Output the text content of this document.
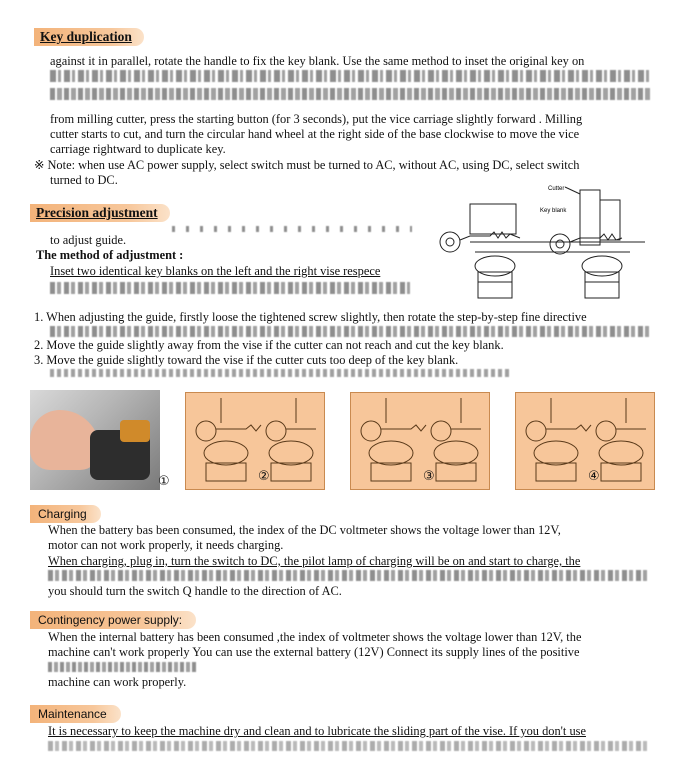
Key duplication
against it in parallel, rotate the handle to fix the key blank. Use the same method to inset the original key on
from milling cutter, press the starting button (for 3 seconds), put the vice carriage slightly forward . Milling
cutter starts to cut, and turn the circular hand wheel at the right side of the base clockwise to move the vice
carriage rightward to duplicate key.
※ Note: when use AC power supply, select switch must be turned to AC, without AC, using DC, select switch
turned to DC.
Precision adjustment
to adjust guide.
The method of adjustment :
Inset two identical key blanks on the left and the right vise respece
Cutter
Key blank
1. When adjusting the guide, firstly loose the tightened screw slightly, then rotate the step-by-step fine directive
2. Move the guide slightly away from the vise if the cutter can not reach and cut the key blank.
3. Move the guide slightly toward the vise if the cutter cuts too deep of the key blank.
①	②	③	④
Charging
When the battery bas been consumed, the index of the DC voltmeter shows the voltage lower than 12V,
motor can not work properly, it needs charging.
When charging, plug in, turn the switch to DC, the pilot lamp of charging will be on and start to charge, the
you should turn the switch Q handle to the direction of AC.
Contingency power supply:
When the internal battery has been consumed ,the index of voltmeter shows the voltage lower than 12V, the
machine can't work properly You can use the external battery (12V) Connect its supply lines of the positive
machine can work properly.
Maintenance
It is necessary to keep the machine dry and clean and to lubricate the sliding part of the vise. If you don't use
